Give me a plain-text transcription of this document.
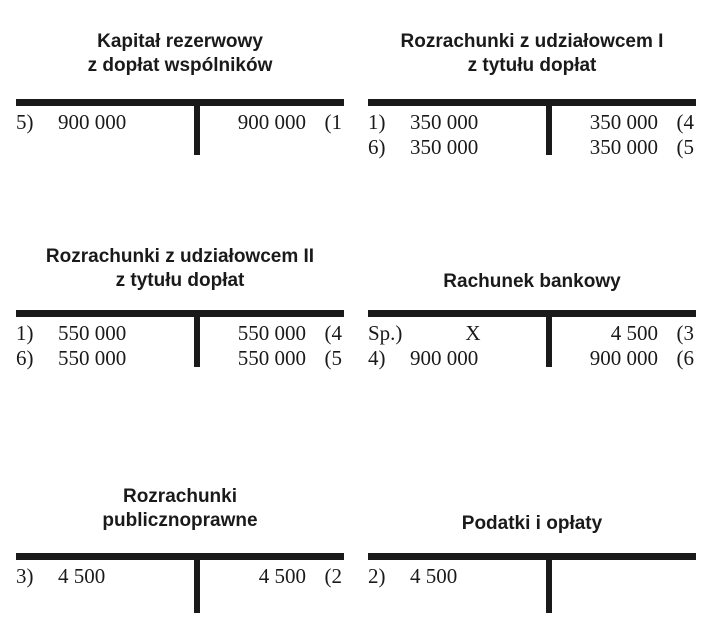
Kapitał rezerwowy
z dopłat wspólników
5) 900 000	900 000 (1
Rozrachunki z udziałowcem I
z tytułu dopłat
1) 350 000	350 000 (4
6) 350 000	350 000 (5
Rozrachunki z udziałowcem II
z tytułu dopłat
1) 550 000	550 000 (4
6) 550 000	550 000 (5
Rachunek bankowy
Sp.)	X	4 500 (3
4) 900 000	900 000 (6
Rozrachunki
publicznoprawne
3) 4 500	4 500 (2
Podatki i opłaty
2) 4 500
